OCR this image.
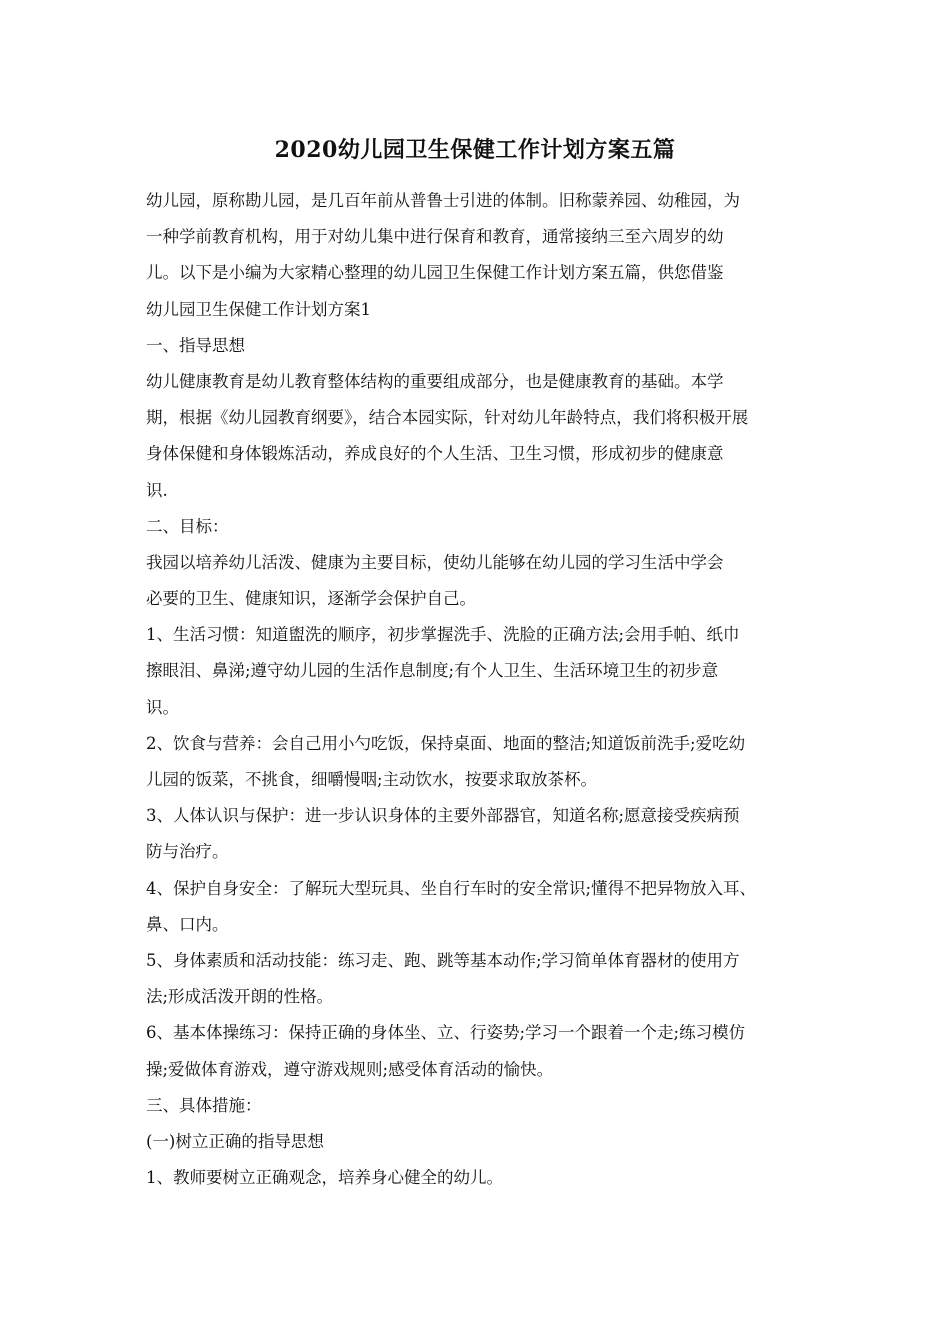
2020幼儿园卫生保健工作计划方案五篇
幼儿园，原称勘儿园，是几百年前从普鲁士引进的体制。旧称蒙养园、幼稚园，为
一种学前教育机构，用于对幼儿集中进行保育和教育，通常接纳三至六周岁的幼
儿。以下是小编为大家精心整理的幼儿园卫生保健工作计划方案五篇，供您借鉴
幼儿园卫生保健工作计划方案1
一、指导思想
幼儿健康教育是幼儿教育整体结构的重要组成部分，也是健康教育的基础。本学
期，根据《幼儿园教育纲要》，结合本园实际，针对幼儿年龄特点，我们将积极开展
身体保健和身体锻炼活动，养成良好的个人生活、卫生习惯，形成初步的健康意
识.
二、目标：
我园以培养幼儿活泼、健康为主要目标，使幼儿能够在幼儿园的学习生活中学会
必要的卫生、健康知识，逐渐学会保护自己。
1、生活习惯：知道盥洗的顺序，初步掌握洗手、洗脸的正确方法;会用手帕、纸巾
擦眼泪、鼻涕;遵守幼儿园的生活作息制度;有个人卫生、生活环境卫生的初步意
识。
2、饮食与营养：会自己用小勺吃饭，保持桌面、地面的整洁;知道饭前洗手;爱吃幼
儿园的饭菜，不挑食，细嚼慢咽;主动饮水，按要求取放茶杯。
3、人体认识与保护：进一步认识身体的主要外部器官，知道名称;愿意接受疾病预
防与治疗。
4、保护自身安全：了解玩大型玩具、坐自行车时的安全常识;懂得不把异物放入耳、
鼻、口内。
5、身体素质和活动技能：练习走、跑、跳等基本动作;学习简单体育器材的使用方
法;形成活泼开朗的性格。
6、基本体操练习：保持正确的身体坐、立、行姿势;学习一个跟着一个走;练习模仿
操;爱做体育游戏，遵守游戏规则;感受体育活动的愉快。
三、具体措施：
(一)树立正确的指导思想
1、教师要树立正确观念，培养身心健全的幼儿。
